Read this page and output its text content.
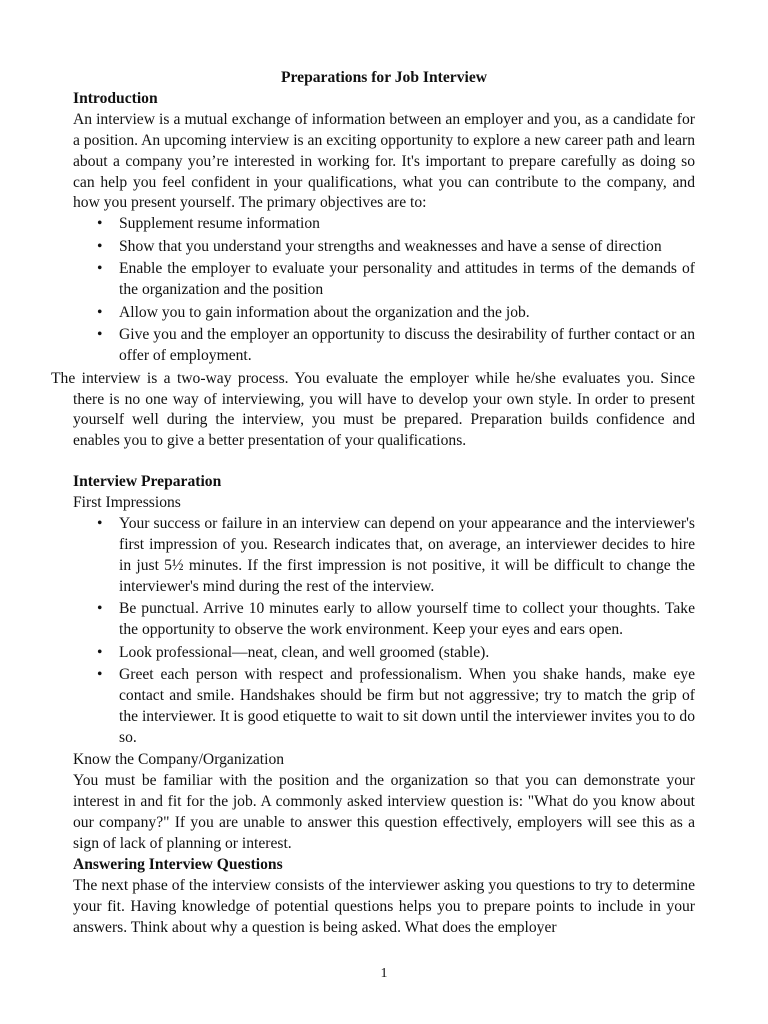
Preparations for Job Interview

Introduction

An interview is a mutual exchange of information between an employer and you, as a candidate for a position. An upcoming interview is an exciting opportunity to explore a new career path and learn about a company you’re interested in working for. It's important to prepare carefully as doing so can help you feel confident in your qualifications, what you can contribute to the company, and how you present yourself. The primary objectives are to:

• Supplement resume information
• Show that you understand your strengths and weaknesses and have a sense of direction
• Enable the employer to evaluate your personality and attitudes in terms of the demands of the organization and the position
• Allow you to gain information about the organization and the job.
• Give you and the employer an opportunity to discuss the desirability of further contact or an offer of employment.

The interview is a two-way process. You evaluate the employer while he/she evaluates you. Since there is no one way of interviewing, you will have to develop your own style. In order to present yourself well during the interview, you must be prepared. Preparation builds confidence and enables you to give a better presentation of your qualifications.

Interview Preparation

First Impressions

• Your success or failure in an interview can depend on your appearance and the interviewer's first impression of you. Research indicates that, on average, an interviewer decides to hire in just 5½ minutes. If the first impression is not positive, it will be difficult to change the interviewer's mind during the rest of the interview.
• Be punctual. Arrive 10 minutes early to allow yourself time to collect your thoughts. Take the opportunity to observe the work environment. Keep your eyes and ears open.
• Look professional—neat, clean, and well groomed (stable).
• Greet each person with respect and professionalism. When you shake hands, make eye contact and smile. Handshakes should be firm but not aggressive; try to match the grip of the interviewer. It is good etiquette to wait to sit down until the interviewer invites you to do so.

Know the Company/Organization

You must be familiar with the position and the organization so that you can demonstrate your interest in and fit for the job. A commonly asked interview question is: "What do you know about our company?" If you are unable to answer this question effectively, employers will see this as a sign of lack of planning or interest.

Answering Interview Questions

The next phase of the interview consists of the interviewer asking you questions to try to determine your fit. Having knowledge of potential questions helps you to prepare points to include in your answers. Think about why a question is being asked. What does the employer

1
